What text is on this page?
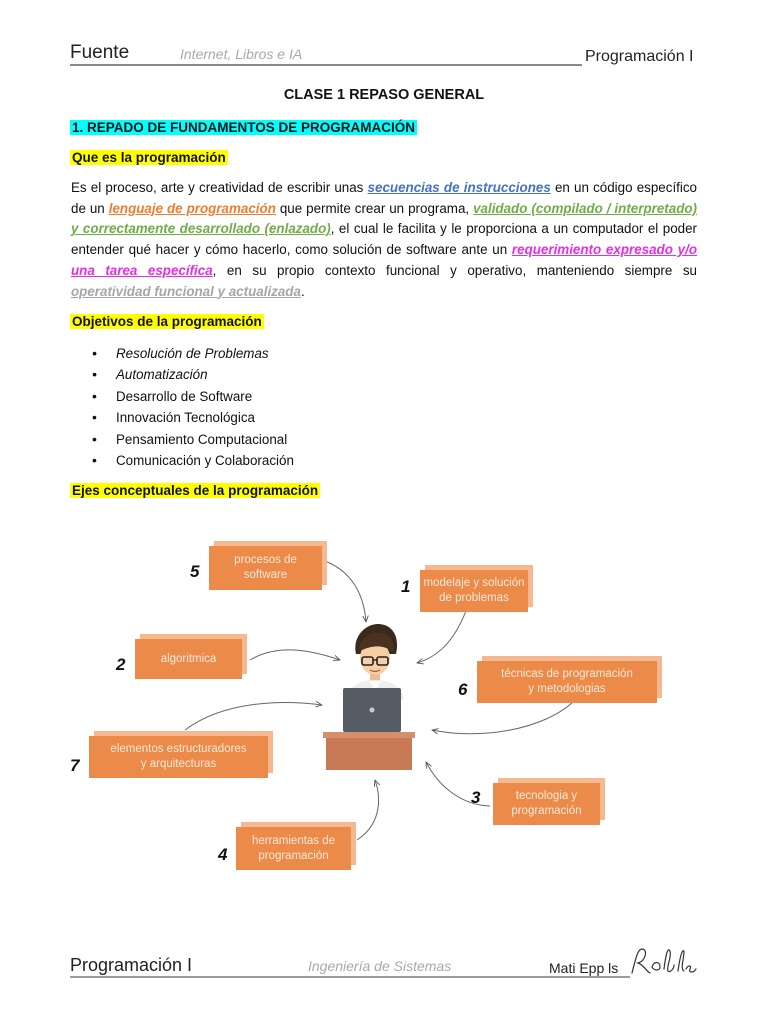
Fuente	Internet, Libros e IA	Programación I
CLASE 1 REPASO GENERAL
1. REPADO DE FUNDAMENTOS DE PROGRAMACIÓN
Que es la programación
Es el proceso, arte y creatividad de escribir unas secuencias de instrucciones en un código específico de un lenguaje de programación que permite crear un programa, validado (compilado / interpretado) y correctamente desarrollado (enlazado), el cual le facilita y le proporciona a un computador el poder entender qué hacer y cómo hacerlo, como solución de software ante un requerimiento expresado y/o una tarea específica, en su propio contexto funcional y operativo, manteniendo siempre su operatividad funcional y actualizada.
Objetivos de la programación
• Resolución de Problemas
• Automatización
• Desarrollo de Software
• Innovación Tecnológica
• Pensamiento Computacional
• Comunicación y Colaboración
Ejes conceptuales de la programación
procesos de
software
5
modelaje y solución
de problemas
1
algoritmica
2	técnicas de programación
y metodologias
6
elementos estructuradores
y arquitecturas
7
tecnologia y
programación
3
herramientas de
programación
4
Programación I	Ingeniería de Sistemas	Mati Epp ls
